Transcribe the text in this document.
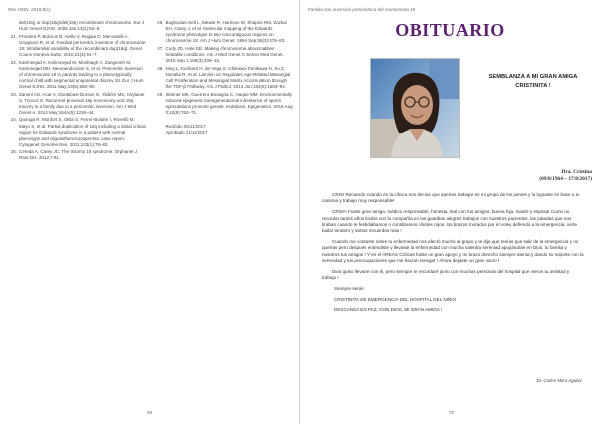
Rev HSIN. 2018;8(1)
del(18q) or dup(18q)/del(18p) recombinant chromosome. Eur J Hum Genet EJHG. 2005 Jan;13(1):52–8.
21. Prontera P, Bolcinis B, Aiello V, Rogaia D, Mencarelli A, Gruppioni R, et al. Familial pericentric inversion of chromosome 18: Intrafamilial variability of the recombinant dup(18q). Genet Couns Geneva Switz. 2010;21(1):91–7.
22. Karimnejad A, Karimnejad M, Moshtagh A, Zangeneh M, Karimnejad MH. Neuroendocrine S, et al. Pericentric inversion of chromosome 18 in parents leading to a phenotypically normal child with segmental uniparental disomy 18. Eur J Hum Genet EJHG. 2011 May;19(5):555–60.
23. Zanoni AG, Acar A, Durakbasi-Dursun G, Yildirim MS, Ceylaner S, Tuncez E. Recurrent proximal 18p monosomy and 18q trisomy in a family due to a pericentric inversion. Am J Med Genet A. 2014 May;164A(5):1236–44.
24. Quiroga R, Monfort S, Oltra S, Ferrer-Bolufer I, Roselló M, Mayo S, et al. Partial duplication of 18q including a distal critical region for Edwards syndrome in a patient with normal phenotype and oligoasthenozoospermia: case report. Cytogenet Genome Res. 2011;133(1):78–83.
25. Cereda A, Carey JC. The trisomy 18 syndrome. Orphanet J Rare Dis. 2012;7:81.
26. Boghosian-Sell L, Mewar R, Harrison W, Shapiro RM, Zackai EH, Carey J, et al. Molecular mapping of the Edwards syndrome phenotype to two noncontiguous regions on chromosome 18. Am J Hum Genet. 1994 Sep;55(3):476–83.
27. Cody JD, Hale DE. Making chromosome abnormalities treatable conditions. Am J Med Genet C Semin Med Genet. 2015 Sep 1;169(3):209–15.
28. Ning L, Kurihara H, de Vega S, Ichikawa-Tomikawa N, Xu Z, Nonaka R, et al. Laminin α1 Regulates Age-Related Mesangial Cell Proliferation and Mesangial Matrix Accumulation through the TGF-β Pathway. Am J Pathol. 2014 Jun;184(6):1683–94.
29. Skinner MK, Guerrero-Bosagna C, Haque MM. Environmentally induced epigenetic transgenerational inheritance of sperm epimutations promote genetic mutations. Epigenetics. 2015 Aug 3;10(8):762–71.
Recibido 06/11/2017
Aprobado 21/11/2017
69
Familia con inversión pericéntrica del cromosoma 18
OBITUARIO
SEMBLANZA A MI GRAN AMIGA CRISTINITA !
Dra. Cristina
(09/8/1964 – 17/8/2017)

CRIS! Recuerdo cuando en la clínica nos decías que querías trabajar en mi grupo de los jueves y lo lograste en base a tu carisma y trabajo muy responsable!

CRIS!!! Fuiste gran amiga, médico responsable, honesta, leal con tus amigos, buena hija, madre y esposa! Como no recordar tantos años lindos con tu compañía en las guardias alegres trabajos con nuestros pacientes, las patadas que nos tiraban cuando te festidiábamos o contábamos chistes rojos, los brazos morados por el voley defiendo a la emergencia, verte bailar tondero y tantos recuerdos más !

Cuando me contaste sobre tu enfermedad nos afectó mucho al grupo y te dije que tenías que salir de la emergencia y no querías pero después entendiste y llevaste la enfermedad con mucha valentía sereniad apoyándote en Dios, tu familia y nosotros tus amigos ! Y en el ÁREAS Críticas fuiste un gran apoyo y mi brazo derecho siempre atenta y dando su soporte con la serenidad y tus preocupaciones que me hacían renegar ! Ahora dejaste un gran vacío !

Dios quiso llevarte con él, pero siempre te recordaré junto con muchas personas del hospital que vieron tu amistad y trabajo !

Siempre serás

CRISTINITA DE EMERGENCIA DEL HOSPITAL DEL NIÑO!

DESCANSA EN PAZ, CON DIOS, MI GRAN AMIGA !

Dr. Carlos Mora Aguilar
70
